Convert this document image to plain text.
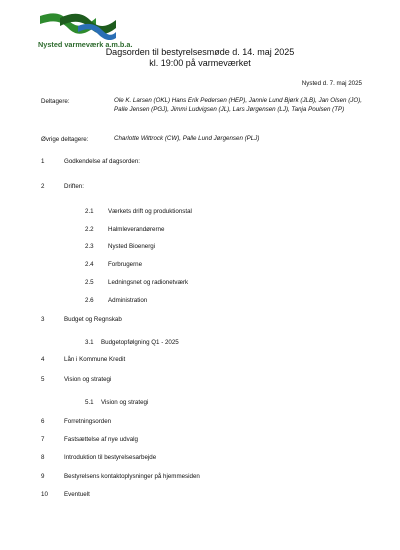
Nysted varmeværk a.m.b.a.
Dagsorden til bestyrelsesmøde d. 14. maj 2025
kl. 19:00 på varmeværket
Nysted d. 7. maj 2025
Deltagere:	Ole K. Larsen (OKL) Hans Erik Pedersen (HEP), Jannie Lund Bjørk (JLB), Jan Olsen (JO), Palle Jensen (PGJ), Jimmi Ludvigsen (JL), Lars Jørgensen (LJ), Tanja Poulsen (TP)
Øvrige deltagere:	Charlotte Wittrock (CW), Palle Lund Jørgensen (PLJ)
1	Godkendelse af dagsorden:
2	Driften:
2.1 Værkets drift og produktionstal
2.2 Halmleverandørerne
2.3 Nysted Bioenergi
2.4 Forbrugerne
2.5 Ledningsnet og radionetværk
2.6 Administration
3	Budget og Regnskab
3.1 Budgetopfølgning Q1 - 2025
4	Lån i Kommune Kredit
5	Vision og strategi
5.1 Vision og strategi
6	Forretningsorden
7	Fastsættelse af nye udvalg
8	Introduktion til bestyrelsesarbejde
9	Bestyrelsens kontaktoplysninger på hjemmesiden
10	Eventuelt
